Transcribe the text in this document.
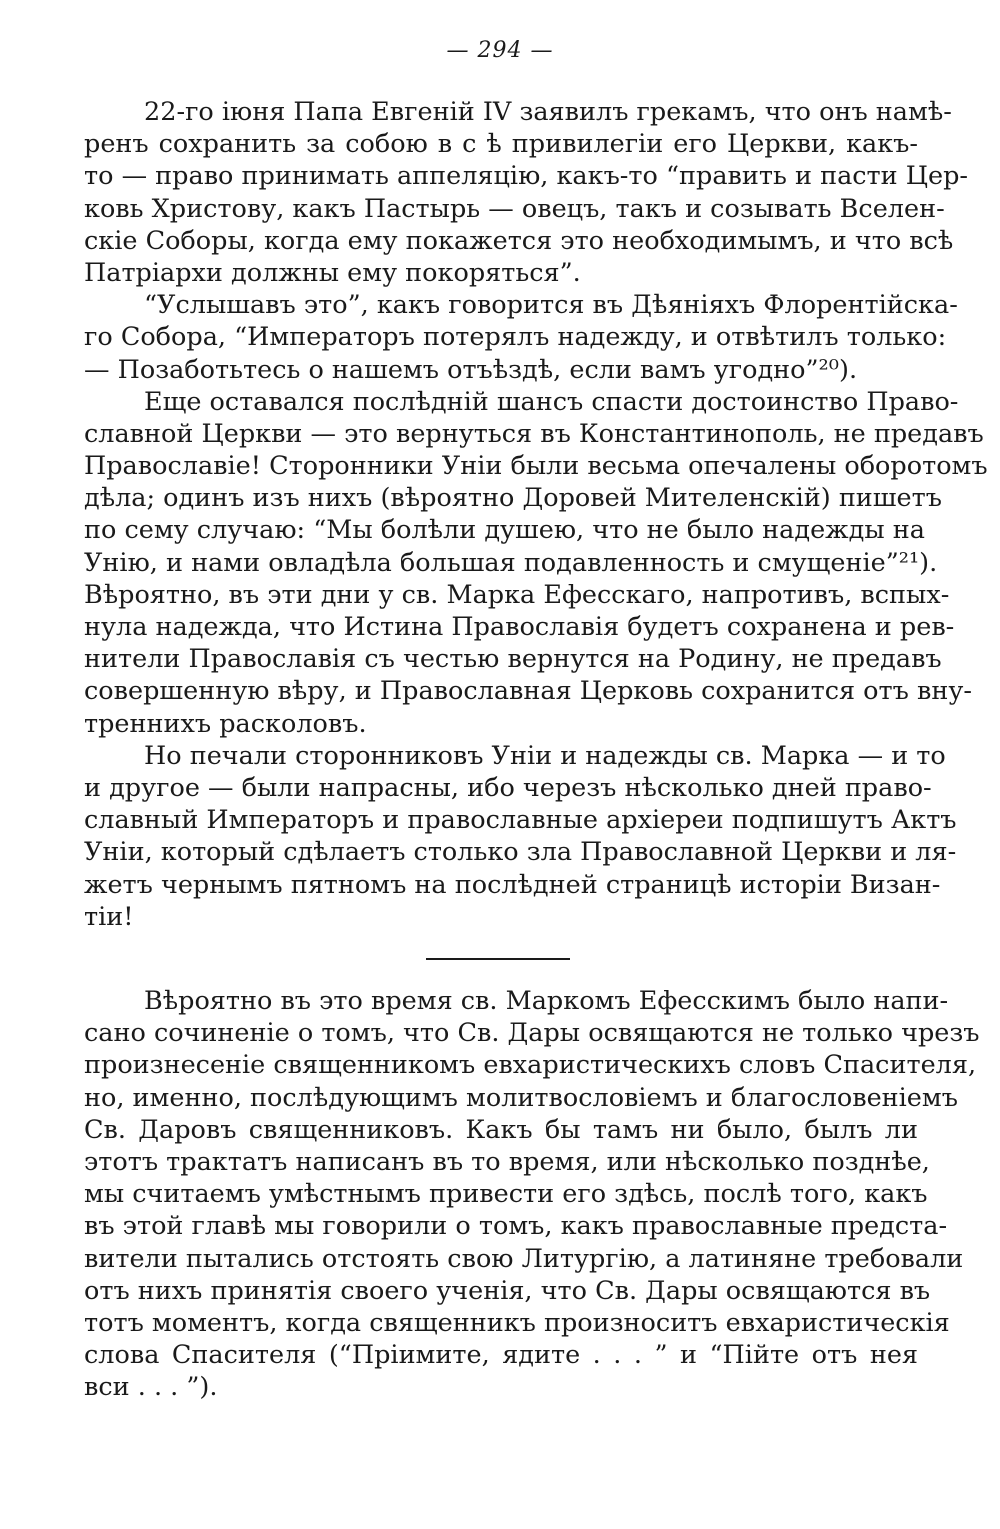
— 294 —
22-го іюня Папа Евгеній IV заявилъ грекамъ, что онъ намѣ-
ренъ сохранить за собою в с ѣ привилегіи его Церкви, какъ-
то — право принимать аппеляцію, какъ-то “править и пасти Цер-
ковь Христову, какъ Пастырь — овецъ, такъ и созывать Вселен-
скіе Соборы, когда ему покажется это необходимымъ, и что всѣ
Патріархи должны ему покоряться”.
“Услышавъ это”, какъ говорится въ Дѣяніяхъ Флорентійска-
го Собора, “Императоръ потерялъ надежду, и отвѣтилъ только:
— Позаботьтесь о нашемъ отъѣздѣ, если вамъ угодно”²⁰).
Еще оставался послѣдній шансъ спасти достоинство Право-
славной Церкви — это вернуться въ Константинополь, не предавъ
Православіе! Сторонники Уніи были весьма опечалены оборотомъ
дѣла; одинъ изъ нихъ (вѣроятно Доровей Мителенскій) пишетъ
по сему случаю: “Мы болѣли душею, что не было надежды на
Унію, и нами овладѣла большая подавленность и смущеніе”²¹).
Вѣроятно, въ эти дни у св. Марка Ефесскаго, напротивъ, вспых-
нула надежда, что Истина Православія будетъ сохранена и рев-
нители Православія съ честью вернутся на Родину, не предавъ
совершенную вѣру, и Православная Церковь сохранится отъ вну-
треннихъ расколовъ.
Но печали сторонниковъ Уніи и надежды св. Марка — и то
и другое — были напрасны, ибо черезъ нѣсколько дней право-
славный Императоръ и православные архіереи подпишутъ Актъ
Уніи, который сдѣлаетъ столько зла Православной Церкви и ля-
жетъ чернымъ пятномъ на послѣдней страницѣ исторіи Визан-
тіи!
Вѣроятно въ это время св. Маркомъ Ефесскимъ было напи-
сано сочиненіе о томъ, что Св. Дары освящаются не только чрезъ
произнесеніе священникомъ евхаристическихъ словъ Спасителя,
но, именно, послѣдующимъ молитвословіемъ и благословеніемъ
Св. Даровъ священниковъ. Какъ бы тамъ ни было, былъ ли
этотъ трактатъ написанъ въ то время, или нѣсколько позднѣе,
мы считаемъ умѣстнымъ привести его здѣсь, послѣ того, какъ
въ этой главѣ мы говорили о томъ, какъ православные предста-
вители пытались отстоять свою Литургію, а латиняне требовали
отъ нихъ принятія своего ученія, что Св. Дары освящаются въ
тотъ моментъ, когда священникъ произноситъ евхаристическія
слова Спасителя (“Пріимите, ядите . . . ” и “Пійте отъ нея
вси . . . ”).
